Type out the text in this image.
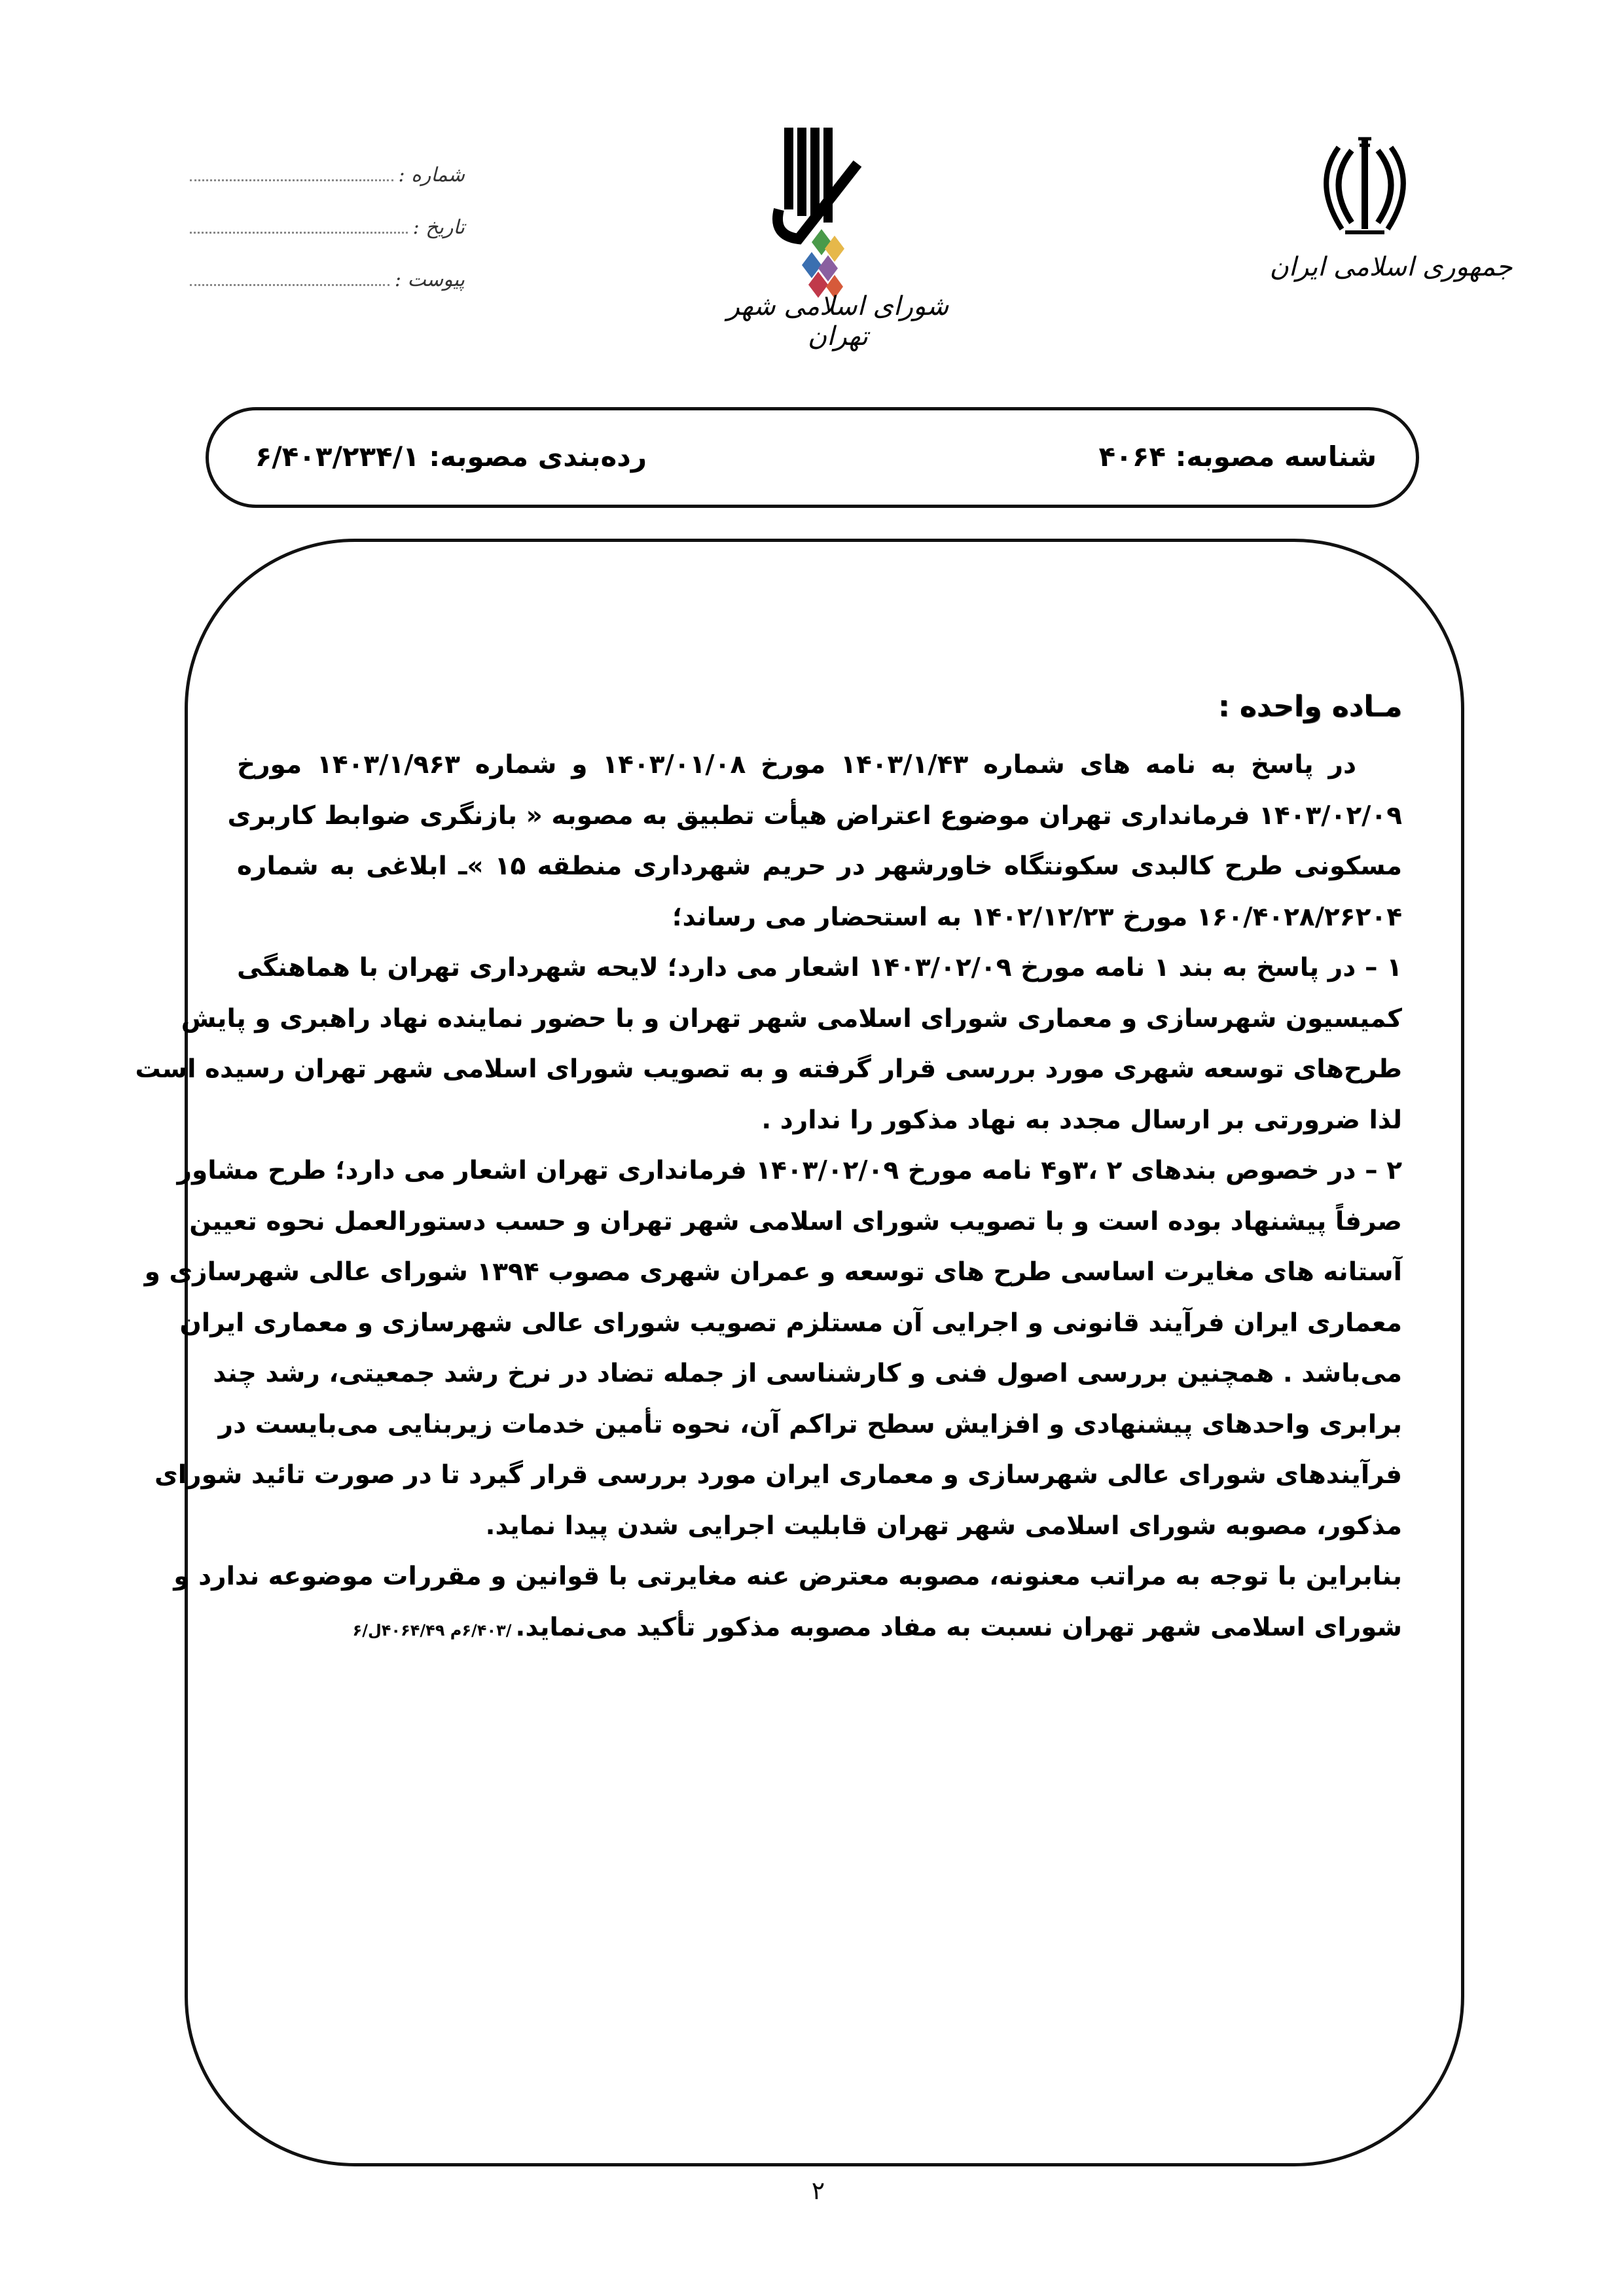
شماره :
تاریخ :
پیوست :
شورای اسلامی شهر تهران
جمهوری اسلامی ایران
شناسه مصوبه: ۴۰۶۴
رده‌بندی مصوبه: ۶/۴۰۳/۲۳۴/۱
مـاده واحده :
در پاسخ به نامه های شماره ۱۴۰۳/۱/۴۳ مورخ ۱۴۰۳/۰۱/۰۸ و شماره ۱۴۰۳/۱/۹۶۳ مورخ
۱۴۰۳/۰۲/۰۹ فرمانداری تهران موضوع اعتراض هیأت تطبیق به مصوبه « بازنگری ضوابط کاربری
مسکونی طرح کالبدی سکونتگاه خاورشهر در حریم شهرداری منطقه ۱۵ »ـ ابلاغی به شماره
۱۶۰/۴۰۲۸/۲۶۲۰۴ مورخ ۱۴۰۲/۱۲/۲۳ به استحضار می رساند؛
۱ – در پاسخ به بند ۱ نامه مورخ ۱۴۰۳/۰۲/۰۹ اشعار می دارد؛ لایحه شهرداری تهران با هماهنگی
کمیسیون شهرسازی و معماری شورای اسلامی شهر تهران و با حضور نماینده نهاد راهبری و پایش
طرح‌های توسعه شهری مورد بررسی قرار گرفته و به تصویب شورای اسلامی شهر تهران رسیده است
لذا ضرورتی بر ارسال مجدد به نهاد مذکور را ندارد .
۲ – در خصوص بندهای ۲ ،۳و۴ نامه مورخ ۱۴۰۳/۰۲/۰۹ فرمانداری تهران اشعار می دارد؛ طرح مشاور
صرفاً پیشنهاد بوده است و با تصویب شورای اسلامی شهر تهران و حسب دستورالعمل نحوه تعیین
آستانه های مغایرت اساسی طرح های توسعه و عمران شهری مصوب ۱۳۹۴ شورای عالی شهرسازی و
معماری ایران فرآیند قانونی و اجرایی آن مستلزم تصویب شورای عالی شهرسازی و معماری ایران
می‌باشد . همچنین بررسی اصول فنی و کارشناسی از جمله تضاد در نرخ رشد جمعیتی، رشد چند
برابری واحدهای پیشنهادی و افزایش سطح تراکم آن، نحوه تأمین خدمات زیربنایی می‌بایست در
فرآیندهای شورای عالی شهرسازی و معماری ایران مورد بررسی قرار گیرد تا در صورت تائید شورای
مذکور، مصوبه شورای اسلامی شهر تهران قابلیت اجرایی شدن پیدا نماید.
بنابراین با توجه به مراتب معنونه، مصوبه معترض عنه مغایرتی با قوانین و مقررات موضوعه ندارد و
شورای اسلامی شهر تهران نسبت به مفاد مصوبه مذکور تأکید می‌نماید./۶/۴۰۳م ۴۰۶۴/۴۹ل/۶
۲
